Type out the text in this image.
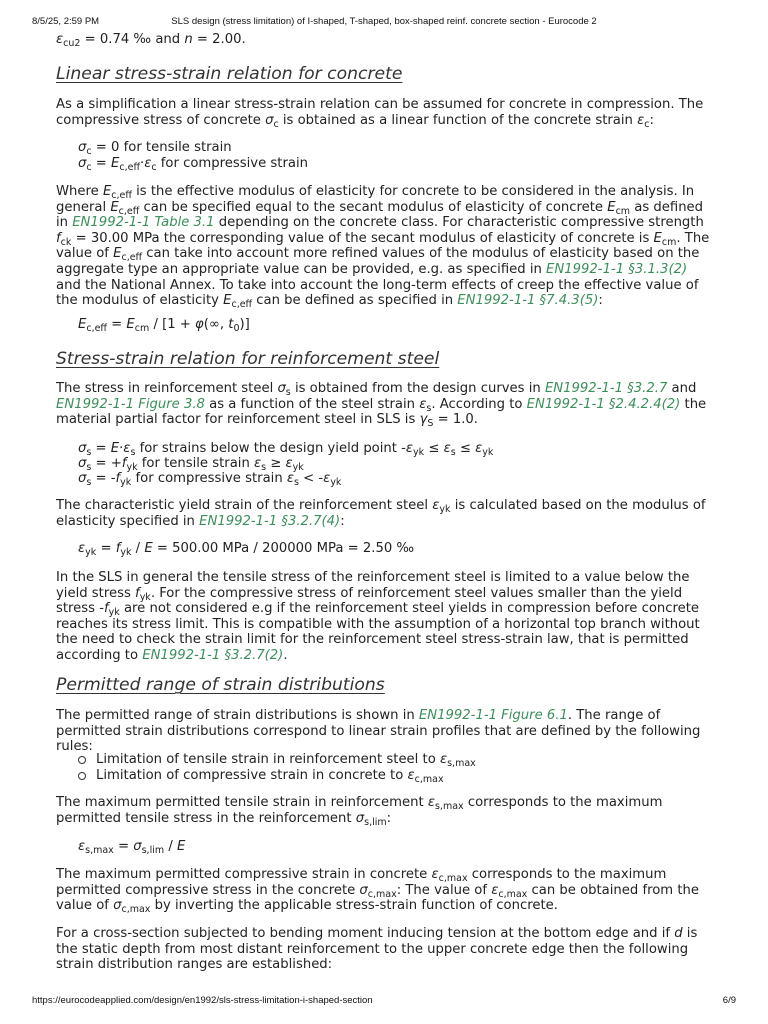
8/5/25, 2:59 PM	SLS design (stress limitation) of I-shaped, T-shaped, box-shaped reinf. concrete section - Eurocode 2

$\varepsilon_{cu2} = 0.74$ ‰ and n = 2.00.

Linear stress-strain relation for concrete

As a simplification a linear stress-strain relation can be assumed for concrete in compression. The compressive stress of concrete $\sigma_c$ is obtained as a linear function of the concrete strain $\varepsilon_c$:

$\sigma_c = 0$ for tensile strain

$\sigma_c = E_{c,eff}\cdot\varepsilon_c$ for compressive strain

Where $E_{c,eff}$ is the effective modulus of elasticity for concrete to be considered in the analysis. In general $E_{c,eff}$ can be specified equal to the secant modulus of elasticity of concrete $E_{cm}$ as defined in EN1992-1-1 Table 3.1 depending on the concrete class. For characteristic compressive strength $f_{ck} = 30.00$ MPa the corresponding value of the secant modulus of elasticity of concrete is $E_{cm}$. The value of $E_{c,eff}$ can take into account more refined values of the modulus of elasticity based on the aggregate type an appropriate value can be provided, e.g. as specified in EN1992-1-1 §3.1.3(2) and the National Annex. To take into account the long-term effects of creep the effective value of the modulus of elasticity $E_{c,eff}$ can be defined as specified in EN1992-1-1 §7.4.3(5):

$E_{c,eff} = E_{cm} / [1 + \varphi(\infty$, $t_0$)]

Stress-strain relation for reinforcement steel

The stress in reinforcement steel $\sigma_s$ is obtained from the design curves in EN1992-1-1 §3.2.7 and EN1992-1-1 Figure 3.8 as a function of the steel strain $\varepsilon_s$. According to EN1992-1-1 §2.4.2.4(2) the material partial factor for reinforcement steel in SLS is $\gamma_S = 1.0$.

$\sigma_s = E\cdot\varepsilon_s$ for strains below the design yield point $-\varepsilon_{yk} \le \varepsilon_s \le \varepsilon_{yk}$

$\sigma_s = +f_{yk}$ for tensile strain $\varepsilon_s \ge \varepsilon_{yk}$

$\sigma_s = -f_{yk}$ for compressive strain $\varepsilon_s < -\varepsilon_{yk}$

The characteristic yield strain of the reinforcement steel $\varepsilon_{yk}$ is calculated based on the modulus of elasticity specified in EN1992-1-1 §3.2.7(4):

$\varepsilon_{yk} = f_{yk} / E = 500.00$ MPa / 200000 MPa = 2.50 ‰

In the SLS in general the tensile stress of the reinforcement steel is limited to a value below the yield stress $f_{yk}$. For the compressive stress of reinforcement steel values smaller than the yield stress $-f_{yk}$ are not considered e.g if the reinforcement steel yields in compression before concrete reaches its stress limit. This is compatible with the assumption of a horizontal top branch without the need to check the strain limit for the reinforcement steel stress-strain law, that is permitted according to EN1992-1-1 §3.2.7(2).

Permitted range of strain distributions

The permitted range of strain distributions is shown in EN1992-1-1 Figure 6.1. The range of permitted strain distributions correspond to linear strain profiles that are defined by the following rules:

Limitation of tensile strain in reinforcement steel to $\varepsilon_{s,max}$
Limitation of compressive strain in concrete to $\varepsilon_{c,max}$

The maximum permitted tensile strain in reinforcement $\varepsilon_{s,max}$ corresponds to the maximum permitted tensile stress in the reinforcement $\sigma_{s,lim}$:

$\varepsilon_{s,max} = \sigma_{s,lim} / E$

The maximum permitted compressive strain in concrete $\varepsilon_{c,max}$ corresponds to the maximum permitted compressive stress in the concrete $\sigma_{c,max}$: The value of $\varepsilon_{c,max}$ can be obtained from the value of $\sigma_{c,max}$ by inverting the applicable stress-strain function of concrete.

For a cross-section subjected to bending moment inducing tension at the bottom edge and if d is the static depth from most distant reinforcement to the upper concrete edge then the following strain distribution ranges are established:

https://eurocodeapplied.com/design/en1992/sls-stress-limitation-i-shaped-section	6/9
